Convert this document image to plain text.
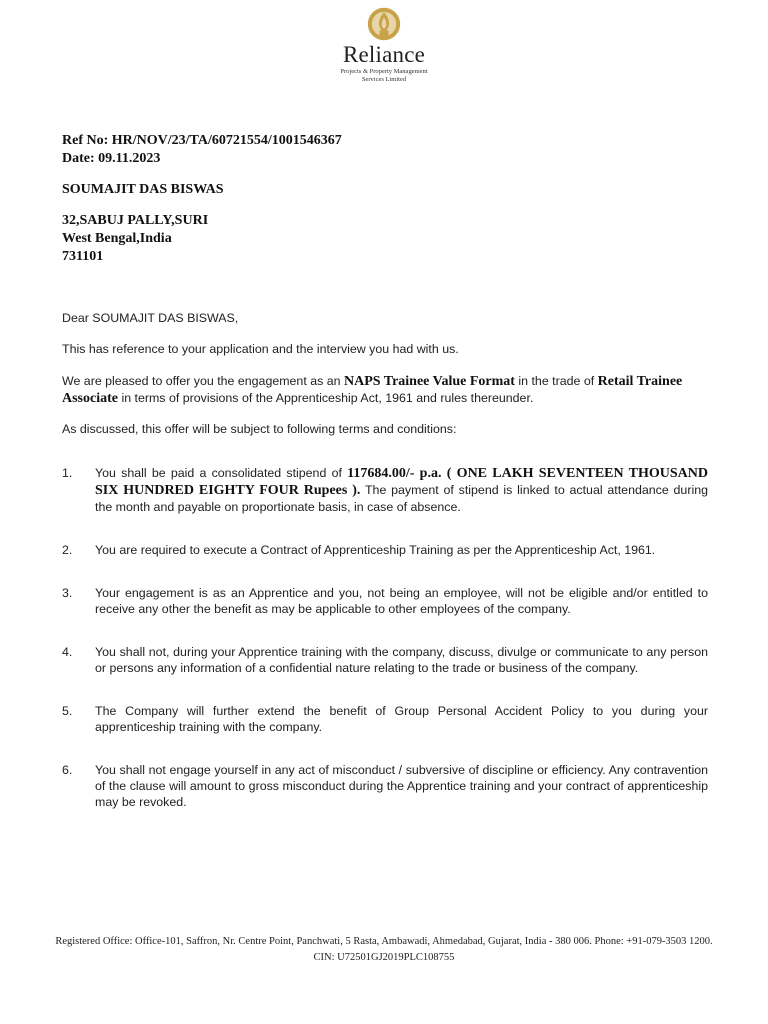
Reliance
Projects & Property Management
Services Limited
Ref No: HR/NOV/23/TA/60721554/1001546367
Date: 09.11.2023
SOUMAJIT DAS BISWAS
32,SABUJ PALLY,SURI
West Bengal,India
731101
Dear SOUMAJIT DAS BISWAS,
This has reference to your application and the interview you had with us.
We are pleased to offer you the engagement as an NAPS Trainee Value Format in the trade of Retail Trainee Associate in terms of provisions of the Apprenticeship Act, 1961 and rules thereunder.
As discussed, this offer will be subject to following terms and conditions:
1. You shall be paid a consolidated stipend of 117684.00/- p.a. ( ONE LAKH SEVENTEEN THOUSAND SIX HUNDRED EIGHTY FOUR Rupees ). The payment of stipend is linked to actual attendance during the month and payable on proportionate basis, in case of absence.
2. You are required to execute a Contract of Apprenticeship Training as per the Apprenticeship Act, 1961.
3. Your engagement is as an Apprentice and you, not being an employee, will not be eligible and/or entitled to receive any other the benefit as may be applicable to other employees of the company.
4. You shall not, during your Apprentice training with the company, discuss, divulge or communicate to any person or persons any information of a confidential nature relating to the trade or business of the company.
5. The Company will further extend the benefit of Group Personal Accident Policy to you during your apprenticeship training with the company.
6. You shall not engage yourself in any act of misconduct / subversive of discipline or efficiency. Any contravention of the clause will amount to gross misconduct during the Apprentice training and your contract of apprenticeship may be revoked.
Registered Office: Office-101, Saffron, Nr. Centre Point, Panchwati, 5 Rasta, Ambawadi, Ahmedabad, Gujarat, India - 380 006. Phone: +91-079-3503 1200.
CIN: U72501GJ2019PLC108755
